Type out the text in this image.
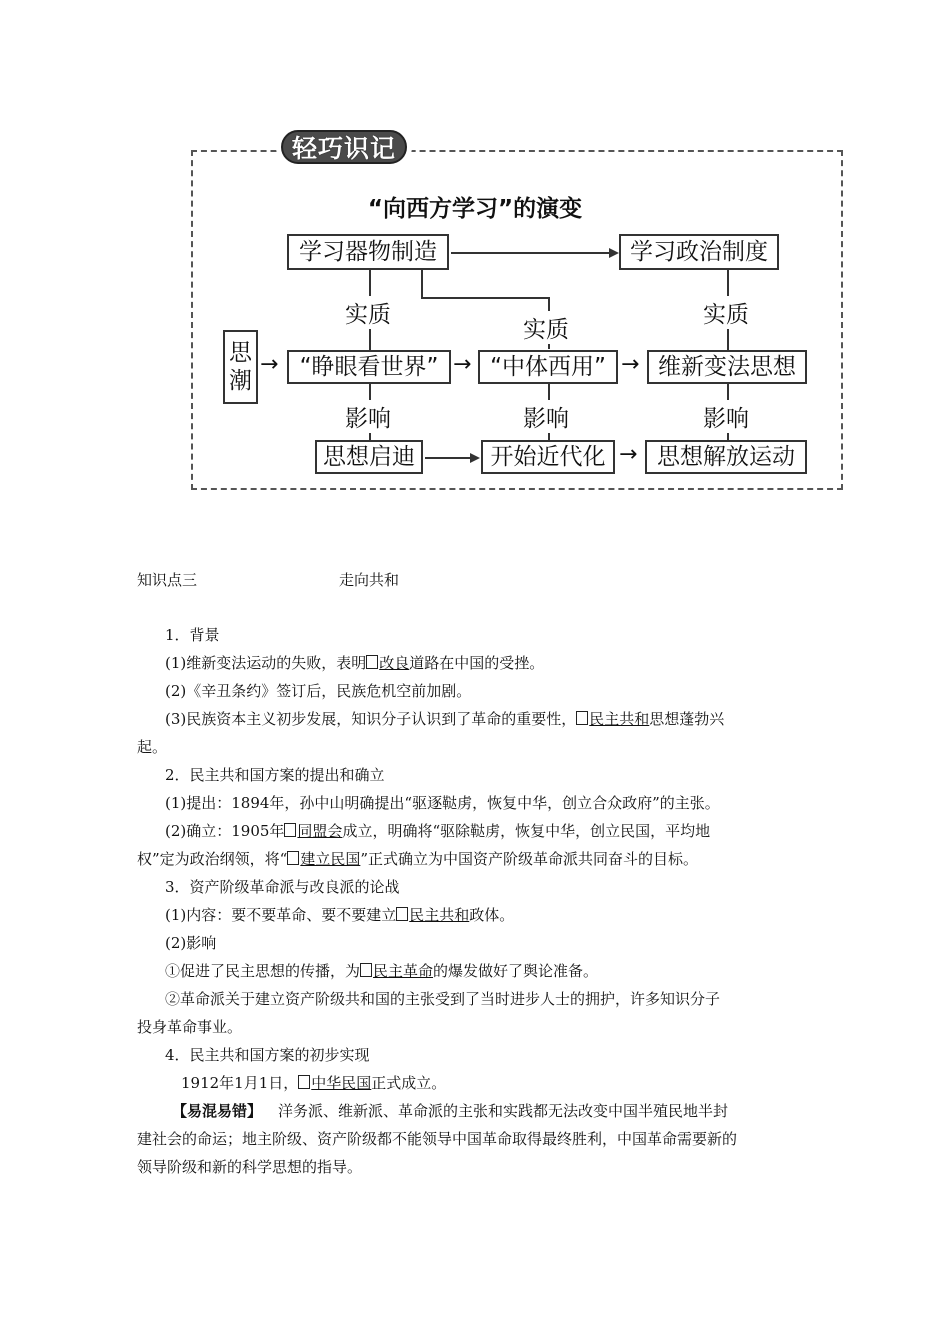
轻巧识记
“向西方学习”的演变
学习器物制造	学习政治制度
实质
实质
实质
思潮
→ “睁眼看世界” → “中体西用” → 维新变法思想
影响	影响	影响
思想启迪	开始近代化 → 思想解放运动
知识点三	走向共和
1．背景
(1)维新变法运动的失败，表明 改良道路在中国的受挫。
(2)《辛丑条约》签订后，民族危机空前加剧。
(3)民族资本主义初步发展，知识分子认识到了革命的重要性， 民主共和思想蓬勃兴
起。
2．民主共和国方案的提出和确立
(1)提出：1894年，孙中山明确提出“驱逐鞑虏，恢复中华，创立合众政府”的主张。
(2)确立：1905年 同盟会成立，明确将“驱除鞑虏，恢复中华，创立民国，平均地
权”定为政治纲领，将“ 建立民国”正式确立为中国资产阶级革命派共同奋斗的目标。
3．资产阶级革命派与改良派的论战
(1)内容：要不要革命、要不要建立 民主共和政体。
(2)影响
①促进了民主思想的传播，为 民主革命的爆发做好了舆论准备。
②革命派关于建立资产阶级共和国的主张受到了当时进步人士的拥护，许多知识分子
投身革命事业。
4．民主共和国方案的初步实现
1912年1月1日， 中华民国正式成立。
【易混易错】 洋务派、维新派、革命派的主张和实践都无法改变中国半殖民地半封
建社会的命运；地主阶级、资产阶级都不能领导中国革命取得最终胜利，中国革命需要新的
领导阶级和新的科学思想的指导。
